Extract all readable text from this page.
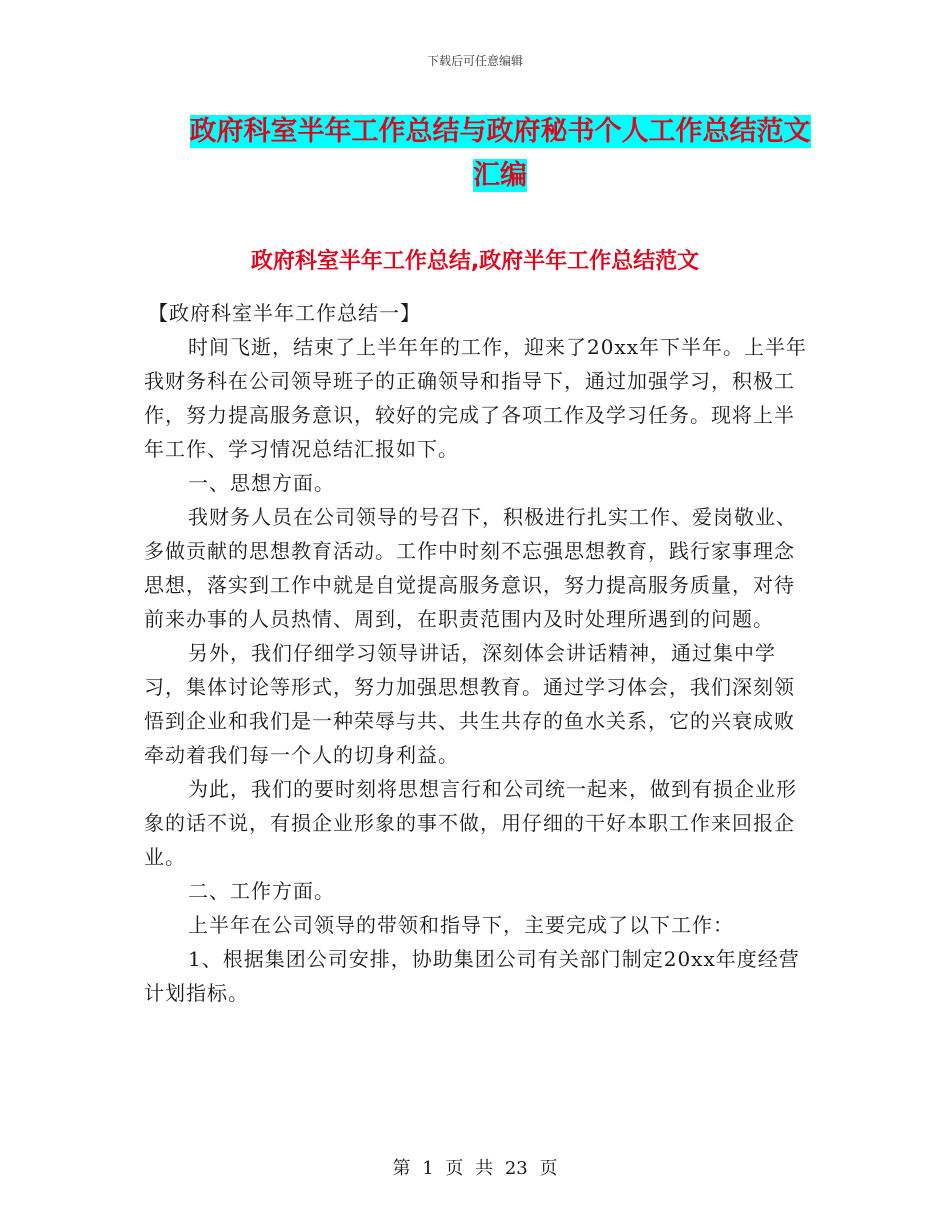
下载后可任意编辑
政府科室半年工作总结与政府秘书个人工作总结范文
汇编
政府科室半年工作总结,政府半年工作总结范文

【政府科室半年工作总结一】

时间飞逝，结束了上半年年的工作，迎来了20xx年下半年。上半年我财务科在公司领导班子的正确领导和指导下，通过加强学习，积极工作，努力提高服务意识，较好的完成了各项工作及学习任务。现将上半年工作、学习情况总结汇报如下。

一、思想方面。

我财务人员在公司领导的号召下，积极进行扎实工作、爱岗敬业、多做贡献的思想教育活动。工作中时刻不忘强思想教育，践行家事理念思想，落实到工作中就是自觉提高服务意识，努力提高服务质量，对待前来办事的人员热情、周到，在职责范围内及时处理所遇到的问题。

另外，我们仔细学习领导讲话，深刻体会讲话精神，通过集中学习，集体讨论等形式，努力加强思想教育。通过学习体会，我们深刻领悟到企业和我们是一种荣辱与共、共生共存的鱼水关系，它的兴衰成败牵动着我们每一个人的切身利益。

为此，我们的要时刻将思想言行和公司统一起来，做到有损企业形象的话不说，有损企业形象的事不做，用仔细的干好本职工作来回报企业。

二、工作方面。

上半年在公司领导的带领和指导下，主要完成了以下工作：

1、根据集团公司安排，协助集团公司有关部门制定20xx年度经营计划指标。

第 1 页 共 23 页
